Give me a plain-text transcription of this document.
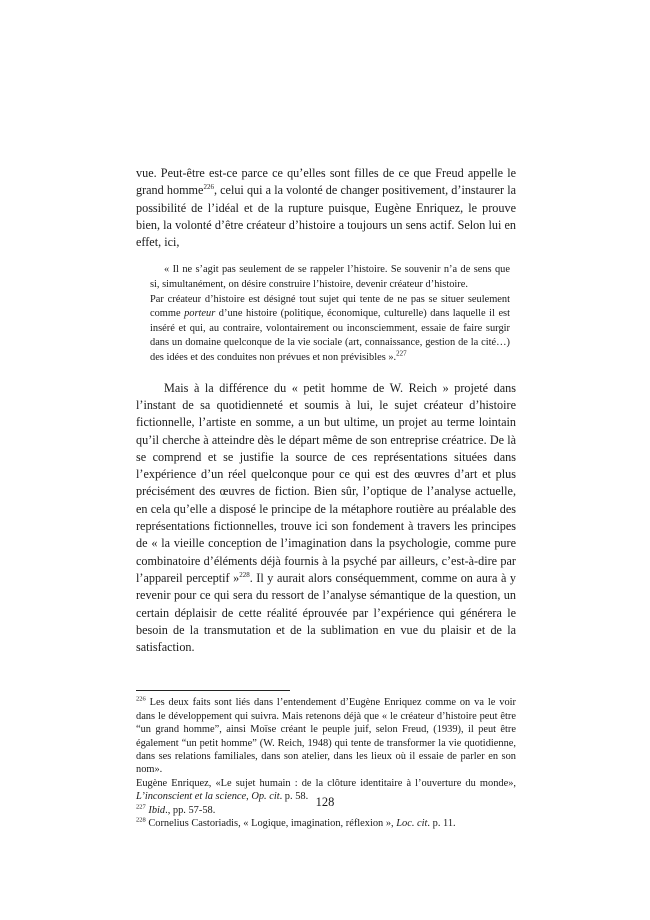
vue. Peut-être est-ce parce ce qu’elles sont filles de ce que Freud appelle le grand homme$^{226}$, celui qui a la volonté de changer positivement, d’instaurer la possibilité de l’idéal et de la rupture puisque, Eugène Enriquez, le prouve bien, la volonté d’être créateur d’histoire a toujours un sens actif. Selon lui en effet, ici,

« Il ne s’agit pas seulement de se rappeler l’histoire. Se souvenir n’a de sens que si, simultanément, on désire construire l’histoire, devenir créateur d’histoire.

Par créateur d’histoire est désigné tout sujet qui tente de ne pas se situer seulement comme porteur d’une histoire (politique, économique, culturelle) dans laquelle il est inséré et qui, au contraire, volontairement ou inconsciemment, essaie de faire surgir dans un domaine quelconque de la vie sociale (art, connaissance, gestion de la cité…) des idées et des conduites non prévues et non prévisibles ».$^{227}$

Mais à la différence du « petit homme de W. Reich » projeté dans l’instant de sa quotidienneté et soumis à lui, le sujet créateur d’histoire fictionnelle, l’artiste en somme, a un but ultime, un projet au terme lointain qu’il cherche à atteindre dès le départ même de son entreprise créatrice. De là se comprend et se justifie la source de ces représentations situées dans l’expérience d’un réel quelconque pour ce qui est des œuvres d’art et plus précisément des œuvres de fiction. Bien sûr, l’optique de l’analyse actuelle, en cela qu’elle a disposé le principe de la métaphore routière au préalable des représentations fictionnelles, trouve ici son fondement à travers les principes de « la vieille conception de l’imagination dans la psychologie, comme pure combinatoire d’éléments déjà fournis à la psyché par ailleurs, c’est-à-dire par l’appareil perceptif »$^{228}$. Il y aurait alors conséquemment, comme on aura à y revenir pour ce qui sera du ressort de l’analyse sémantique de la question, un certain déplaisir de cette réalité éprouvée par l’expérience qui générera le besoin de la transmutation et de la sublimation en vue du plaisir et de la satisfaction.

$^{226}$ Les deux faits sont liés dans l’entendement d’Eugène Enriquez comme on va le voir dans le développement qui suivra. Mais retenons déjà que « le créateur d’histoire peut être “un grand homme”, ainsi Moïse créant le peuple juif, selon Freud, (1939), il peut être également “un petit homme” (W. Reich, 1948) qui tente de transformer la vie quotidienne, dans ses relations familiales, dans son atelier, dans les lieux où il essaie de parler en son nom».

Eugène Enriquez, «Le sujet humain : de la clôture identitaire à l’ouverture du monde», L’inconscient et la science, Op. cit. p. 58.

$^{227}$ Ibid., pp. 57-58.

$^{228}$ Cornelius Castoriadis, « Logique, imagination, réflexion », Loc. cit. p. 11.

128
